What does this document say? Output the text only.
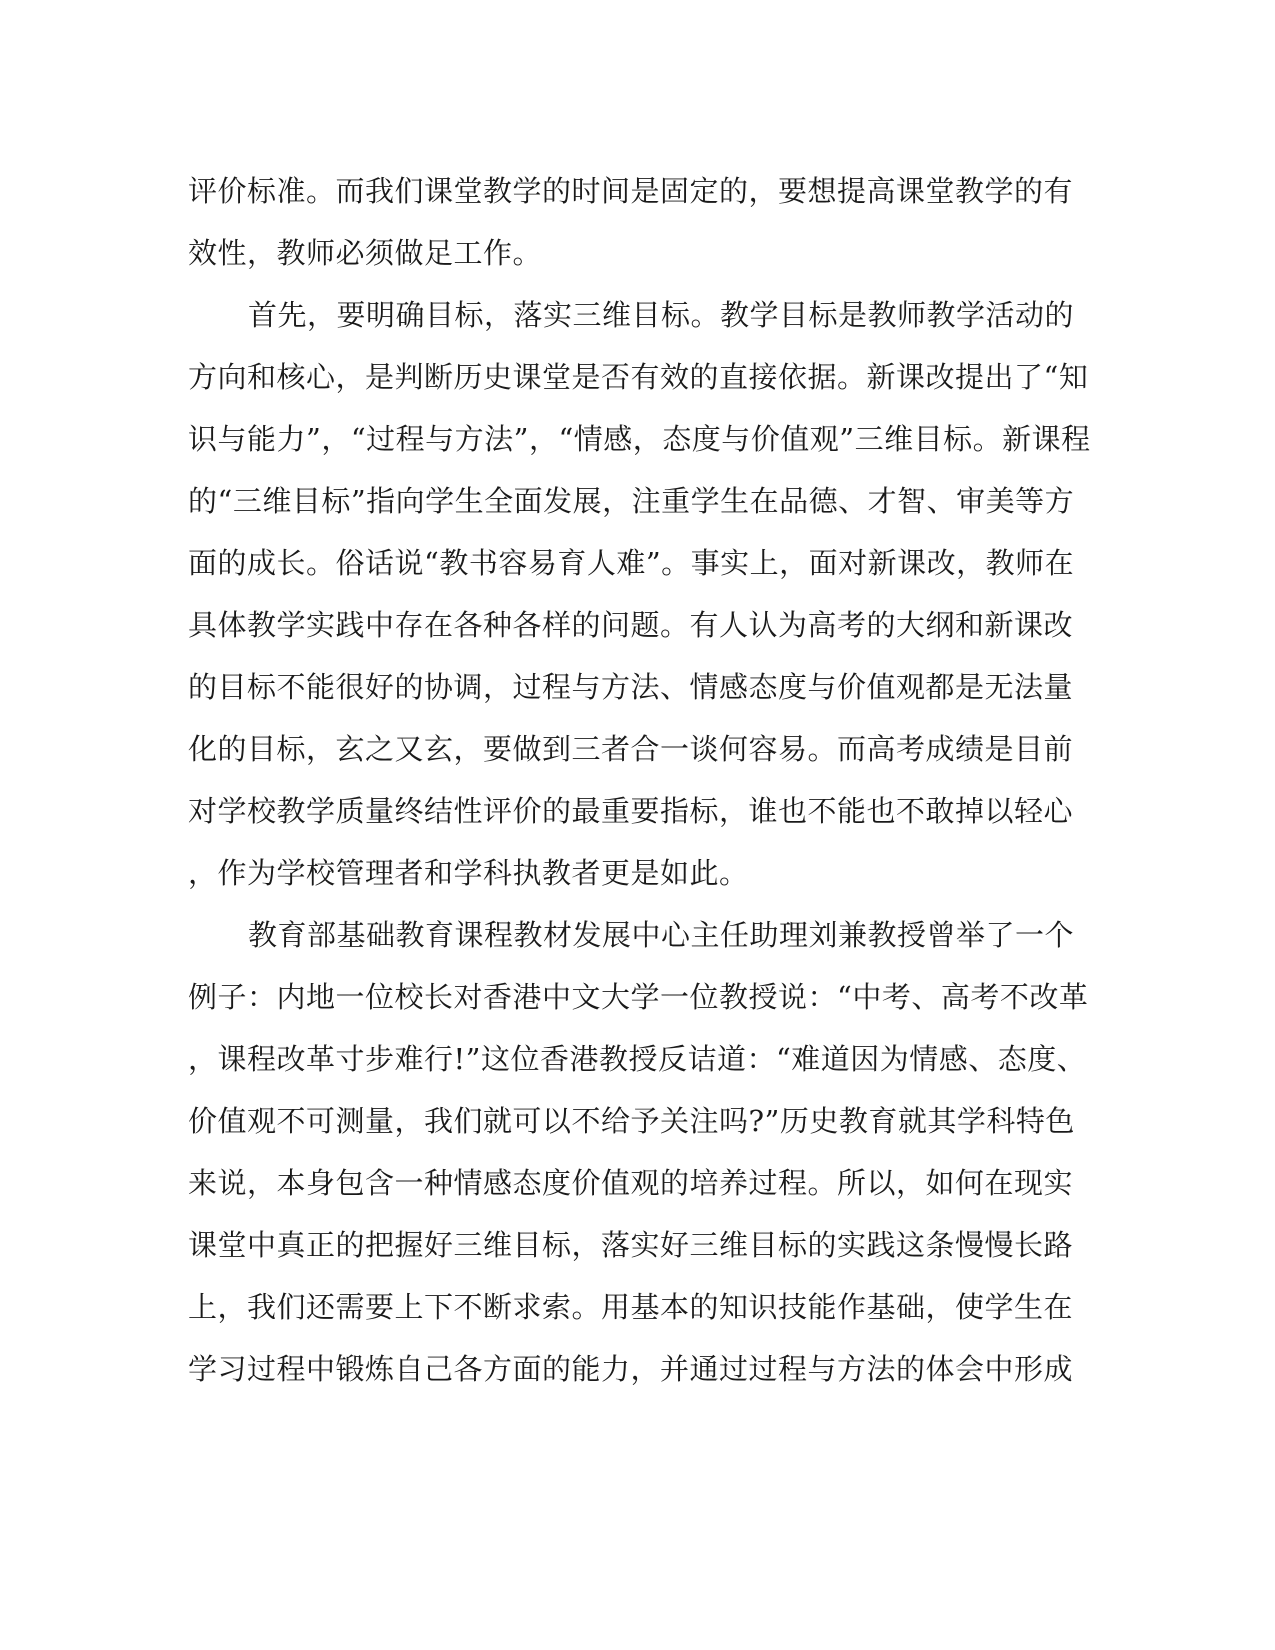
评价标准。而我们课堂教学的时间是固定的，要想提高课堂教学的有
效性，教师必须做足工作。
首先，要明确目标，落实三维目标。教学目标是教师教学活动的
方向和核心，是判断历史课堂是否有效的直接依据。新课改提出了“知
识与能力”，“过程与方法”，“情感，态度与价值观”三维目标。新课程
的“三维目标”指向学生全面发展，注重学生在品德、才智、审美等方
面的成长。俗话说“教书容易育人难”。事实上，面对新课改，教师在
具体教学实践中存在各种各样的问题。有人认为高考的大纲和新课改
的目标不能很好的协调，过程与方法、情感态度与价值观都是无法量
化的目标，玄之又玄，要做到三者合一谈何容易。而高考成绩是目前
对学校教学质量终结性评价的最重要指标，谁也不能也不敢掉以轻心
，作为学校管理者和学科执教者更是如此。
教育部基础教育课程教材发展中心主任助理刘兼教授曾举了一个
例子：内地一位校长对香港中文大学一位教授说：“中考、高考不改革
，课程改革寸步难行!”这位香港教授反诘道：“难道因为情感、态度、
价值观不可测量，我们就可以不给予关注吗?”历史教育就其学科特色
来说，本身包含一种情感态度价值观的培养过程。所以，如何在现实
课堂中真正的把握好三维目标，落实好三维目标的实践这条慢慢长路
上，我们还需要上下不断求索。用基本的知识技能作基础，使学生在
学习过程中锻炼自己各方面的能力，并通过过程与方法的体会中形成
